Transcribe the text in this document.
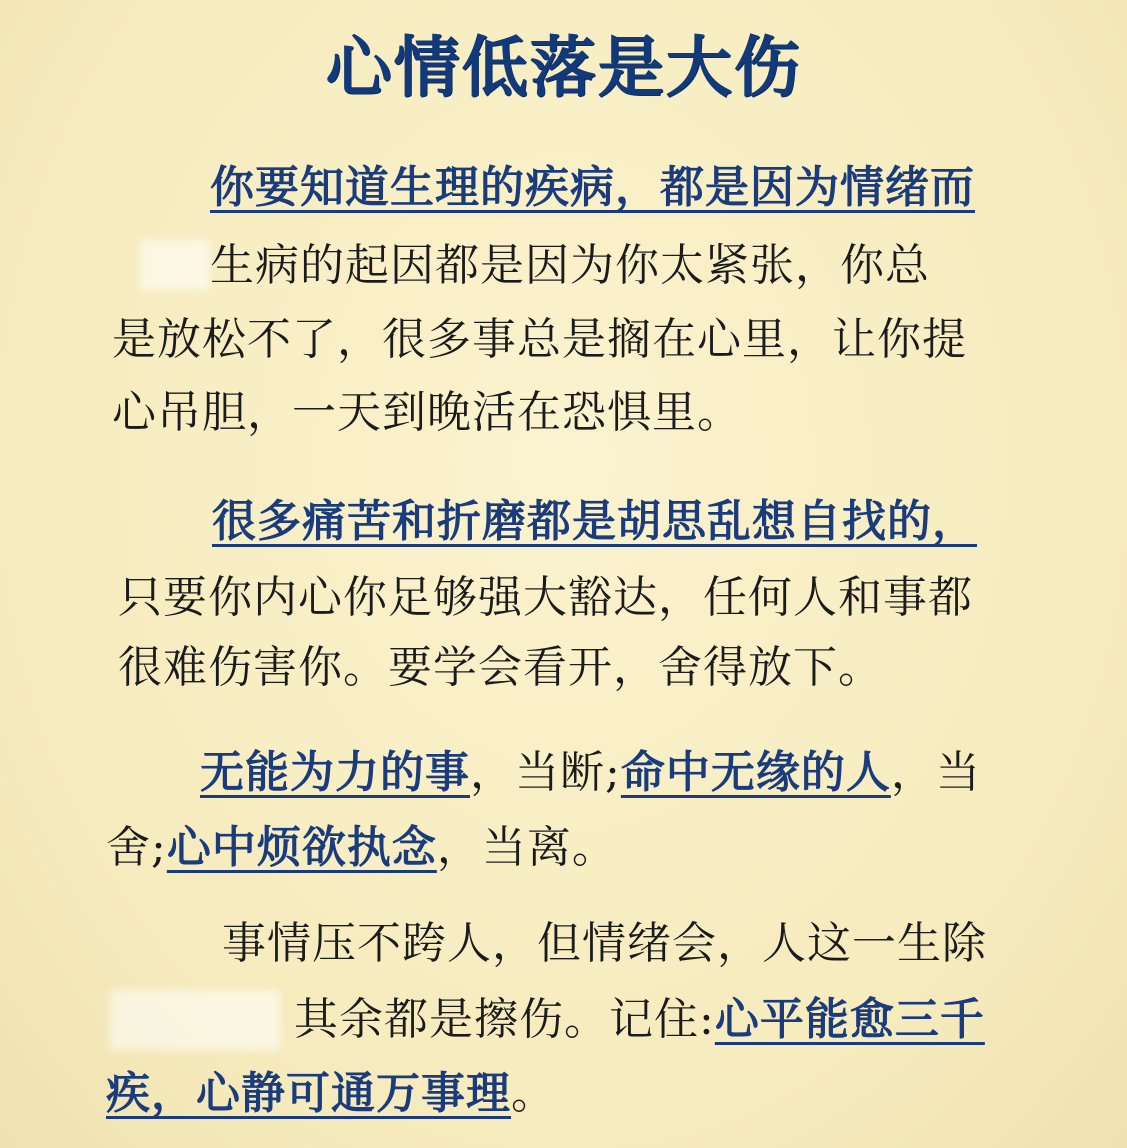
心情低落是大伤
你要知道生理的疾病，都是因为情绪而
生病的起因都是因为你太紧张，你总
是放松不了，很多事总是搁在心里，让你提
心吊胆，一天到晚活在恐惧里。
很多痛苦和折磨都是胡思乱想自找的，
只要你内心你足够强大豁达，任何人和事都
很难伤害你。要学会看开，舍得放下。
无能为力的事，当断;命中无缘的人，当
舍;心中烦欲执念，当离。
事情压不跨人，但情绪会，人这一生除
其余都是擦伤。记住:心平能愈三千
疾，心静可通万事理。
